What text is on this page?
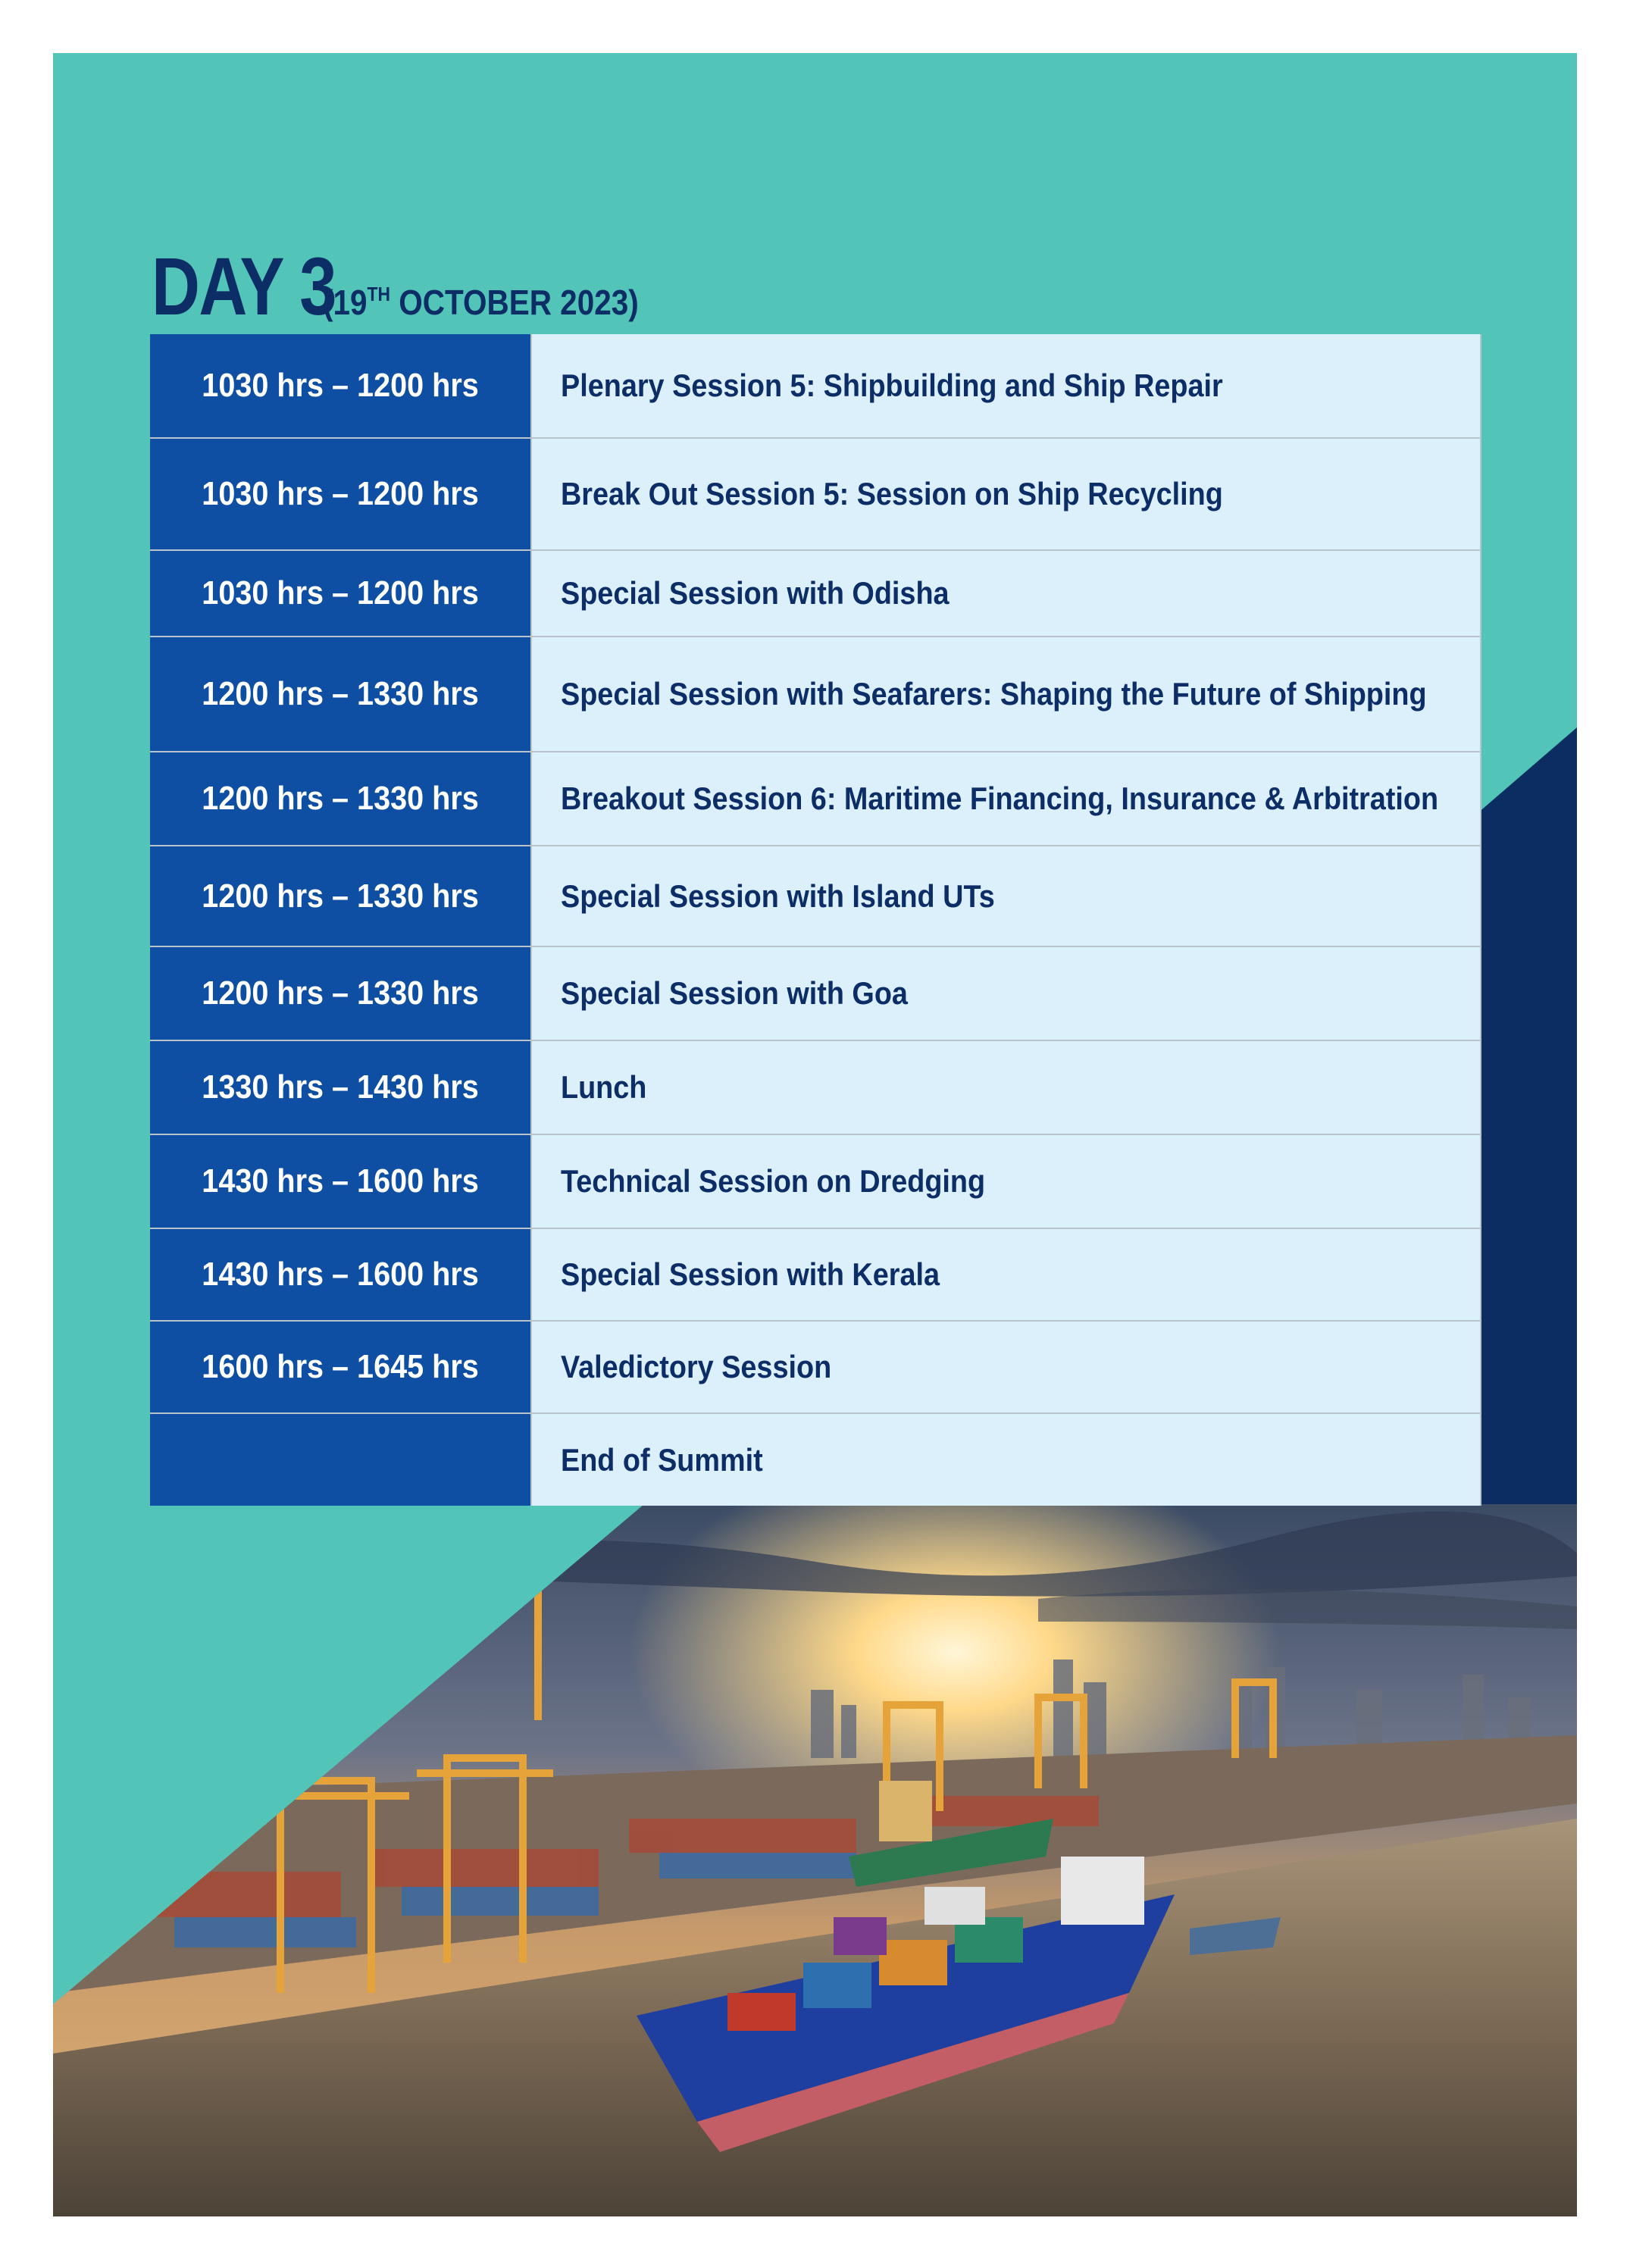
DAY 3
(19TH OCTOBER 2023)
1030 hrs – 1200 hrs	Plenary Session 5: Shipbuilding and Ship Repair
1030 hrs – 1200 hrs	Break Out Session 5: Session on Ship Recycling
1030 hrs – 1200 hrs	Special Session with Odisha
1200 hrs – 1330 hrs	Special Session with Seafarers: Shaping the Future of Shipping
1200 hrs – 1330 hrs	Breakout Session 6: Maritime Financing, Insurance & Arbitration
1200 hrs – 1330 hrs	Special Session with Island UTs
1200 hrs – 1330 hrs	Special Session with Goa
1330 hrs – 1430 hrs	Lunch
1430 hrs – 1600 hrs	Technical Session on Dredging
1430 hrs – 1600 hrs	Special Session with Kerala
1600 hrs – 1645 hrs	Valedictory Session
	End of Summit
